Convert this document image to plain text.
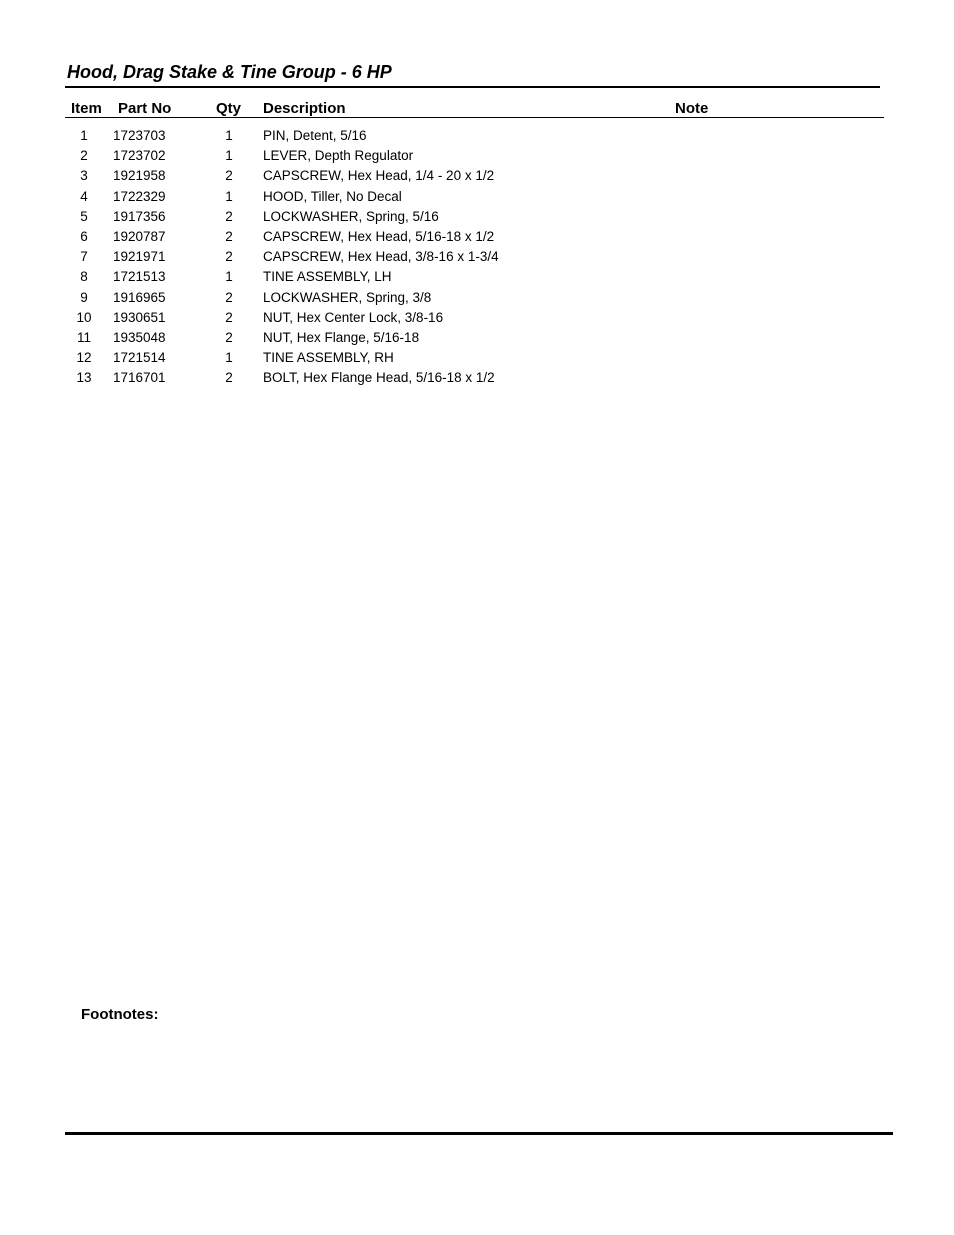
Hood, Drag Stake & Tine Group - 6 HP
Item Part No	Qty Description	Note
1	1723703	1	PIN, Detent, 5/16
2	1723702	1	LEVER, Depth Regulator
3	1921958	2	CAPSCREW, Hex Head, 1/4 - 20 x 1/2
4	1722329	1	HOOD, Tiller, No Decal
5	1917356	2	LOCKWASHER, Spring, 5/16
6	1920787	2	CAPSCREW, Hex Head, 5/16-18 x 1/2
7	1921971	2	CAPSCREW, Hex Head, 3/8-16 x 1-3/4
8	1721513	1	TINE ASSEMBLY, LH
9	1916965	2	LOCKWASHER, Spring, 3/8
10	1930651	2	NUT, Hex Center Lock, 3/8-16
11	1935048	2	NUT, Hex Flange, 5/16-18
12	1721514	1	TINE ASSEMBLY, RH
13	1716701	2	BOLT, Hex Flange Head, 5/16-18 x 1/2
Footnotes:
